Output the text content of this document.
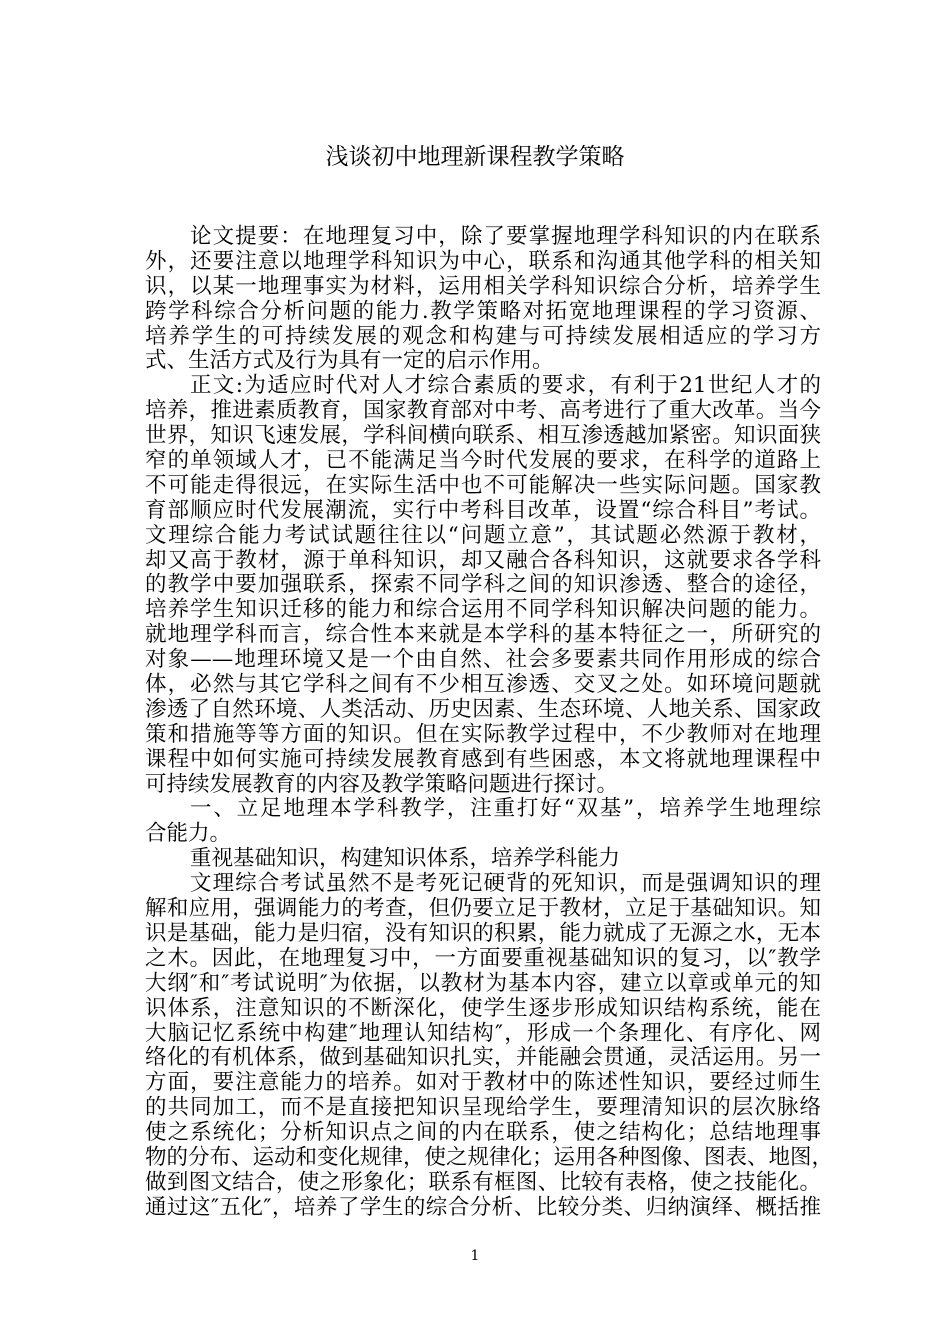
浅谈初中地理新课程教学策略
论文提要：在地理复习中，除了要掌握地理学科知识的内在联系
外，还要注意以地理学科知识为中心，联系和沟通其他学科的相关知
识，以某一地理事实为材料，运用相关学科知识综合分析，培养学生
跨学科综合分析问题的能力.教学策略对拓宽地理课程的学习资源、
培养学生的可持续发展的观念和构建与可持续发展相适应的学习方
式、生活方式及行为具有一定的启示作用。
正文:为适应时代对人才综合素质的要求，有利于21世纪人才的
培养，推进素质教育，国家教育部对中考、高考进行了重大改革。当今
世界，知识飞速发展，学科间横向联系、相互渗透越加紧密。知识面狭
窄的单领域人才，已不能满足当今时代发展的要求，在科学的道路上
不可能走得很远，在实际生活中也不可能解决一些实际问题。国家教
育部顺应时代发展潮流，实行中考科目改革，设置“综合科目”考试。
文理综合能力考试试题往往以“问题立意”，其试题必然源于教材，
却又高于教材，源于单科知识，却又融合各科知识，这就要求各学科
的教学中要加强联系，探索不同学科之间的知识渗透、整合的途径，
培养学生知识迁移的能力和综合运用不同学科知识解决问题的能力。
就地理学科而言，综合性本来就是本学科的基本特征之一，所研究的
对象——地理环境又是一个由自然、社会多要素共同作用形成的综合
体，必然与其它学科之间有不少相互渗透、交叉之处。如环境问题就
渗透了自然环境、人类活动、历史因素、生态环境、人地关系、国家政
策和措施等等方面的知识。但在实际教学过程中，不少教师对在地理
课程中如何实施可持续发展教育感到有些困惑，本文将就地理课程中
可持续发展教育的内容及教学策略问题进行探讨。
一、立足地理本学科教学，注重打好“双基”，培养学生地理综
合能力。
重视基础知识，构建知识体系，培养学科能力
文理综合考试虽然不是考死记硬背的死知识，而是强调知识的理
解和应用，强调能力的考查，但仍要立足于教材，立足于基础知识。知
识是基础，能力是归宿，没有知识的积累，能力就成了无源之水，无本
之木。因此，在地理复习中，一方面要重视基础知识的复习，以″教学
大纲″和″考试说明″为依据，以教材为基本内容，建立以章或单元的知
识体系，注意知识的不断深化，使学生逐步形成知识结构系统，能在
大脑记忆系统中构建″地理认知结构″，形成一个条理化、有序化、网
络化的有机体系，做到基础知识扎实，并能融会贯通，灵活运用。另一
方面，要注意能力的培养。如对于教材中的陈述性知识，要经过师生
的共同加工，而不是直接把知识呈现给学生，要理清知识的层次脉络
使之系统化；分析知识点之间的内在联系，使之结构化；总结地理事
物的分布、运动和变化规律，使之规律化；运用各种图像、图表、地图，
做到图文结合，使之形象化；联系有框图、比较有表格，使之技能化。
通过这″五化″，培养了学生的综合分析、比较分类、归纳演绎、概括推
1
